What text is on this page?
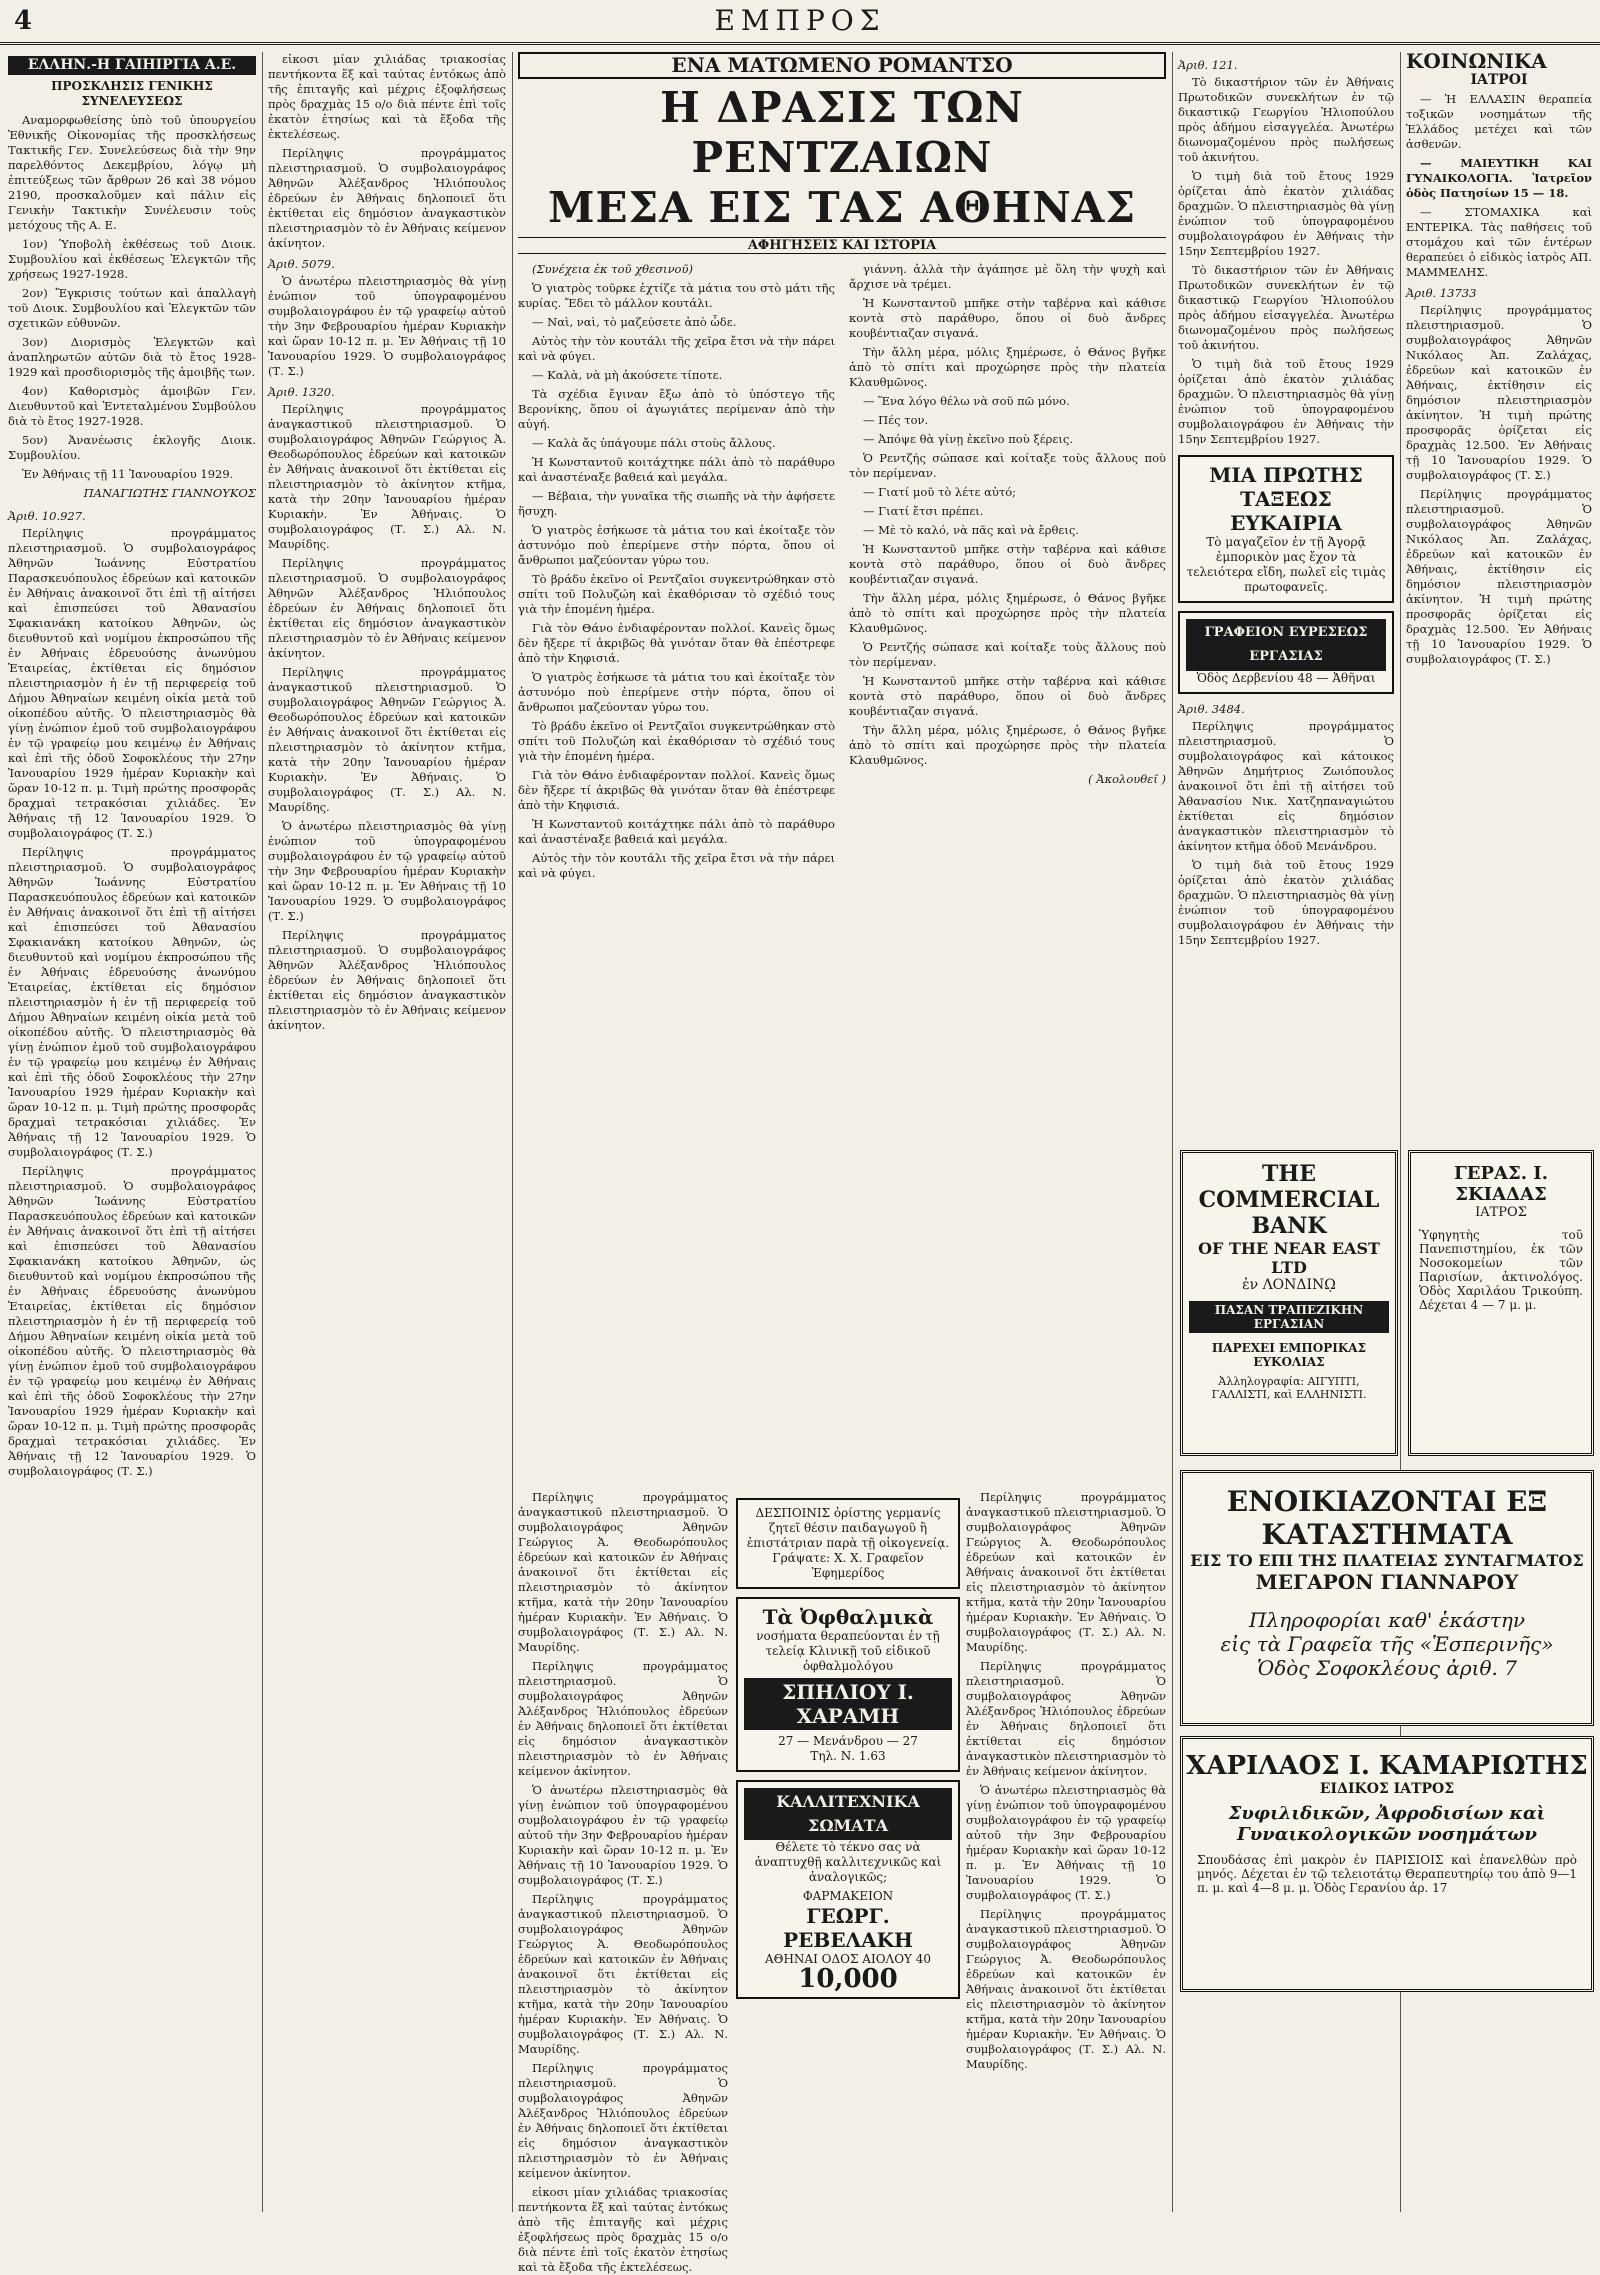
4	ΕΜΠΡΟΣ
ΕΛΛΗΝ.-Η ΓΑΙΗΙΡΓΙΑ Α.Ε.
ΠΡΟΣΚΛΗΣΙΣ ΓΕΝΙΚΗΣ ΣΥΝΕΛΕΥΣΕΩΣ

Αναμορφωθείσης ὑπὸ τοῦ ὑπουργείου Ἐθνικῆς Οἰκονομίας τῆς προσκλήσεως Τακτικῆς Γεν. Συνελεύσεως διὰ τὴν 9ην παρελθόντος Δεκεμβρίου, λόγῳ μὴ ἐπιτεύξεως τῶν ἄρθρων 26 καὶ 38 νόμου 2190, προσκαλοῦμεν καὶ πάλιν εἰς Γενικὴν Τακτικὴν Συνέλευσιν τοὺς μετόχους τῆς Α. Ε.

1ον) Ὑποβολὴ ἐκθέσεως τοῦ Διοικ. Συμβουλίου καὶ ἐκθέσεως Ἐλεγκτῶν τῆς χρήσεως 1927-1928.

2ον) Ἔγκρισις τούτων καὶ ἀπαλλαγὴ τοῦ Διοικ. Συμβουλίου καὶ Ἐλεγκτῶν τῶν σχετικῶν εὐθυνῶν.

3ον) Διορισμὸς Ἐλεγκτῶν καὶ ἀναπληρωτῶν αὐτῶν διὰ τὸ ἔτος 1928-1929 καὶ προσδιορισμὸς τῆς ἀμοιβῆς των.

4ον) Καθορισμὸς ἀμοιβῶν Γεν. Διευθυντοῦ καὶ Ἐντεταλμένου Συμβούλου διὰ τὸ ἔτος 1927-1928.

5ον) Ἀνανέωσις ἐκλογῆς Διοικ. Συμβουλίου.

Ἐν Ἀθήναις τῇ 11 Ἰανουαρίου 1929.

ΠΑΝΑΓΙΩΤΗΣ ΓΙΑΝΝΟΥΚΟΣ
Ἀριθ. 10.927.

Περίληψις προγράμματος πλειστηριασμοῦ. Ὁ συμβολαιογράφος Ἀθηνῶν Ἰωάννης Εὐστρατίου Παρασκευόπουλος ἐδρεύων καὶ κατοικῶν ἐν Ἀθήναις ἀνακοινοῖ ὅτι ἐπὶ τῇ αἰτήσει καὶ ἐπισπεύσει τοῦ Ἀθανασίου Σφακιανάκη κατοίκου Ἀθηνῶν, ὡς διευθυντοῦ καὶ νομίμου ἐκπροσώπου τῆς ἐν Ἀθήναις ἑδρευούσης ἀνωνύμου Ἑταιρείας, ἐκτίθεται εἰς δημόσιον πλειστηριασμὸν ἡ ἐν τῇ περιφερείᾳ τοῦ Δήμου Ἀθηναίων κειμένη οἰκία μετὰ τοῦ οἰκοπέδου αὐτῆς. Ὁ πλειστηριασμὸς θὰ γίνῃ ἐνώπιον ἐμοῦ τοῦ συμβολαιογράφου ἐν τῷ γραφείῳ μου κειμένῳ ἐν Ἀθήναις καὶ ἐπὶ τῆς ὁδοῦ Σοφοκλέους τὴν 27ην Ἰανουαρίου 1929 ἡμέραν Κυριακὴν καὶ ὥραν 10-12 π. μ. Τιμὴ πρώτης προσφορᾶς δραχμαὶ τετρακόσιαι χιλιάδες. Ἐν Ἀθήναις τῇ 12 Ἰανουαρίου 1929. Ὁ συμβολαιογράφος (Τ. Σ.)

Περίληψις προγράμματος πλειστηριασμοῦ. Ὁ συμβολαιογράφος Ἀθηνῶν Ἰωάννης Εὐστρατίου Παρασκευόπουλος ἐδρεύων καὶ κατοικῶν ἐν Ἀθήναις ἀνακοινοῖ ὅτι ἐπὶ τῇ αἰτήσει καὶ ἐπισπεύσει τοῦ Ἀθανασίου Σφακιανάκη κατοίκου Ἀθηνῶν, ὡς διευθυντοῦ καὶ νομίμου ἐκπροσώπου τῆς ἐν Ἀθήναις ἑδρευούσης ἀνωνύμου Ἑταιρείας, ἐκτίθεται εἰς δημόσιον πλειστηριασμὸν ἡ ἐν τῇ περιφερείᾳ τοῦ Δήμου Ἀθηναίων κειμένη οἰκία μετὰ τοῦ οἰκοπέδου αὐτῆς. Ὁ πλειστηριασμὸς θὰ γίνῃ ἐνώπιον ἐμοῦ τοῦ συμβολαιογράφου ἐν τῷ γραφείῳ μου κειμένῳ ἐν Ἀθήναις καὶ ἐπὶ τῆς ὁδοῦ Σοφοκλέους τὴν 27ην Ἰανουαρίου 1929 ἡμέραν Κυριακὴν καὶ ὥραν 10-12 π. μ. Τιμὴ πρώτης προσφορᾶς δραχμαὶ τετρακόσιαι χιλιάδες. Ἐν Ἀθήναις τῇ 12 Ἰανουαρίου 1929. Ὁ συμβολαιογράφος (Τ. Σ.)

Περίληψις προγράμματος πλειστηριασμοῦ. Ὁ συμβολαιογράφος Ἀθηνῶν Ἰωάννης Εὐστρατίου Παρασκευόπουλος ἐδρεύων καὶ κατοικῶν ἐν Ἀθήναις ἀνακοινοῖ ὅτι ἐπὶ τῇ αἰτήσει καὶ ἐπισπεύσει τοῦ Ἀθανασίου Σφακιανάκη κατοίκου Ἀθηνῶν, ὡς διευθυντοῦ καὶ νομίμου ἐκπροσώπου τῆς ἐν Ἀθήναις ἑδρευούσης ἀνωνύμου Ἑταιρείας, ἐκτίθεται εἰς δημόσιον πλειστηριασμὸν ἡ ἐν τῇ περιφερείᾳ τοῦ Δήμου Ἀθηναίων κειμένη οἰκία μετὰ τοῦ οἰκοπέδου αὐτῆς. Ὁ πλειστηριασμὸς θὰ γίνῃ ἐνώπιον ἐμοῦ τοῦ συμβολαιογράφου ἐν τῷ γραφείῳ μου κειμένῳ ἐν Ἀθήναις καὶ ἐπὶ τῆς ὁδοῦ Σοφοκλέους τὴν 27ην Ἰανουαρίου 1929 ἡμέραν Κυριακὴν καὶ ὥραν 10-12 π. μ. Τιμὴ πρώτης προσφορᾶς δραχμαὶ τετρακόσιαι χιλιάδες. Ἐν Ἀθήναις τῇ 12 Ἰανουαρίου 1929. Ὁ συμβολαιογράφος (Τ. Σ.)

εἰκοσι μίαν χιλιάδας τριακοσίας πεντήκοντα ἕξ καὶ ταύτας ἐντόκως ἀπὸ τῆς ἐπιταγῆς καὶ μέχρις ἐξοφλήσεως πρὸς δραχμὰς 15 ο/ο διὰ πέντε ἐπὶ τοῖς ἑκατὸν ἐτησίως καὶ τὰ ἔξοδα τῆς ἐκτελέσεως.

Περίληψις προγράμματος πλειστηριασμοῦ. Ὁ συμβολαιογράφος Ἀθηνῶν Ἀλέξανδρος Ἠλιόπουλος ἐδρεύων ἐν Ἀθήναις δηλοποιεῖ ὅτι ἐκτίθεται εἰς δημόσιον ἀναγκαστικὸν πλειστηριασμὸν τὸ ἐν Ἀθήναις κείμενον ἀκίνητον.

Ἀριθ. 5079.

Ὁ ἀνωτέρω πλειστηριασμὸς θὰ γίνῃ ἐνώπιον τοῦ ὑπογραφομένου συμβολαιογράφου ἐν τῷ γραφείῳ αὐτοῦ τὴν 3ην Φεβρουαρίου ἡμέραν Κυριακὴν καὶ ὥραν 10-12 π. μ. Ἐν Ἀθήναις τῇ 10 Ἰανουαρίου 1929. Ὁ συμβολαιογράφος (Τ. Σ.)

Ἀριθ. 1320.

Περίληψις προγράμματος ἀναγκαστικοῦ πλειστηριασμοῦ. Ὁ συμβολαιογράφος Ἀθηνῶν Γεώργιος Ἀ. Θεοδωρόπουλος ἐδρεύων καὶ κατοικῶν ἐν Ἀθήναις ἀνακοινοῖ ὅτι ἐκτίθεται εἰς πλειστηριασμὸν τὸ ἀκίνητον κτῆμα, κατὰ τὴν 20ην Ἰανουαρίου ἡμέραν Κυριακὴν. Ἐν Ἀθήναις. Ὁ συμβολαιογράφος (Τ. Σ.) Αλ. Ν. Μαυρίδης.

Περίληψις προγράμματος πλειστηριασμοῦ. Ὁ συμβολαιογράφος Ἀθηνῶν Ἀλέξανδρος Ἠλιόπουλος ἐδρεύων ἐν Ἀθήναις δηλοποιεῖ ὅτι ἐκτίθεται εἰς δημόσιον ἀναγκαστικὸν πλειστηριασμὸν τὸ ἐν Ἀθήναις κείμενον ἀκίνητον.

Περίληψις προγράμματος ἀναγκαστικοῦ πλειστηριασμοῦ. Ὁ συμβολαιογράφος Ἀθηνῶν Γεώργιος Ἀ. Θεοδωρόπουλος ἐδρεύων καὶ κατοικῶν ἐν Ἀθήναις ἀνακοινοῖ ὅτι ἐκτίθεται εἰς πλειστηριασμὸν τὸ ἀκίνητον κτῆμα, κατὰ τὴν 20ην Ἰανουαρίου ἡμέραν Κυριακὴν. Ἐν Ἀθήναις. Ὁ συμβολαιογράφος (Τ. Σ.) Αλ. Ν. Μαυρίδης.

Ὁ ἀνωτέρω πλειστηριασμὸς θὰ γίνῃ ἐνώπιον τοῦ ὑπογραφομένου συμβολαιογράφου ἐν τῷ γραφείῳ αὐτοῦ τὴν 3ην Φεβρουαρίου ἡμέραν Κυριακὴν καὶ ὥραν 10-12 π. μ. Ἐν Ἀθήναις τῇ 10 Ἰανουαρίου 1929. Ὁ συμβολαιογράφος (Τ. Σ.)

Περίληψις προγράμματος πλειστηριασμοῦ. Ὁ συμβολαιογράφος Ἀθηνῶν Ἀλέξανδρος Ἠλιόπουλος ἐδρεύων ἐν Ἀθήναις δηλοποιεῖ ὅτι ἐκτίθεται εἰς δημόσιον ἀναγκαστικὸν πλειστηριασμὸν τὸ ἐν Ἀθήναις κείμενον ἀκίνητον.

ΕΝΑ ΜΑΤΩΜΕΝΟ ΡΟΜΑΝΤΣΟ
Η ΔΡΑΣΙΣ ΤΩΝ ΡΕΝΤΖΑΙΩΝ
ΜΕΣΑ ΕΙΣ ΤΑΣ ΑΘΗΝΑΣ
ΑΦΗΓΗΣΕΙΣ ΚΑΙ ΙΣΤΟΡΙΑ

(Συνέχεια ἐκ τοῦ χθεσινοῦ)

Ὁ γιατρὸς τοῦρκε ἐχτίζε τὰ μάτια του στὸ μάτι τῆς κυρίας. Ἔδει τὸ μάλλον κουτάλι.

— Ναὶ, ναὶ, τὸ μαζεύσετε ἀπὸ ὧδε.

Αὐτὸς τὴν τὸν κουτάλι τῆς χεῖρα ἔτσι νὰ τὴν πάρει καὶ νὰ φύγει.

— Καλὰ, νὰ μὴ ἀκούσετε τίποτε.

Τὰ σχέδια ἔγιναν ἔξω ἀπὸ τὸ ὑπόστεγο τῆς Βερονίκης, ὅπου οἱ ἀγωγιάτες περίμεναν ἀπὸ τὴν αὐγή.

— Καλὰ ἄς ὑπάγουμε πάλι στοὺς ἄλλους.

Ἡ Κωνσταντοῦ κοιτάχτηκε πάλι ἀπὸ τὸ παράθυρο καὶ ἀναστέναξε βαθειά καὶ μεγάλα.

— Βέβαια, τὴν γυναῖκα τῆς σιωπῆς νὰ τὴν ἀφήσετε ἥσυχη.

Ὁ γιατρὸς ἐσήκωσε τὰ μάτια του καὶ ἐκοίταξε τὸν ἀστυνόμο ποὺ ἐπερίμενε στὴν πόρτα, ὅπου οἱ ἄνθρωποι μαζεύονταν γύρω του.

Τὸ βράδυ ἐκεῖνο οἱ Ρεντζαῖοι συγκεντρώθηκαν στὸ σπίτι τοῦ Πολυζώη καὶ ἐκαθόρισαν τὸ σχέδιό τους γιὰ τὴν ἐπομένη ἡμέρα.

Γιὰ τὸν Θάνο ἐνδιαφέρονταν πολλοί. Κανεὶς ὅμως δὲν ἤξερε τί ἀκριβῶς θὰ γινόταν ὅταν θὰ ἐπέστρεφε ἀπὸ τὴν Κηφισιά.

Ὁ γιατρὸς ἐσήκωσε τὰ μάτια του καὶ ἐκοίταξε τὸν ἀστυνόμο ποὺ ἐπερίμενε στὴν πόρτα, ὅπου οἱ ἄνθρωποι μαζεύονταν γύρω του.

Τὸ βράδυ ἐκεῖνο οἱ Ρεντζαῖοι συγκεντρώθηκαν στὸ σπίτι τοῦ Πολυζώη καὶ ἐκαθόρισαν τὸ σχέδιό τους γιὰ τὴν ἐπομένη ἡμέρα.

Γιὰ τὸν Θάνο ἐνδιαφέρονταν πολλοί. Κανεὶς ὅμως δὲν ἤξερε τί ἀκριβῶς θὰ γινόταν ὅταν θὰ ἐπέστρεφε ἀπὸ τὴν Κηφισιά.

Ἡ Κωνσταντοῦ κοιτάχτηκε πάλι ἀπὸ τὸ παράθυρο καὶ ἀναστέναξε βαθειά καὶ μεγάλα.

Αὐτὸς τὴν τὸν κουτάλι τῆς χεῖρα ἔτσι νὰ τὴν πάρει καὶ νὰ φύγει.

γιάννη. ἀλλὰ τὴν ἀγάπησε μὲ ὅλη τὴν ψυχὴ καὶ ἄρχισε νὰ τρέμει.

Ἡ Κωνσταντοῦ μπῆκε στὴν ταβέρνα καὶ κάθισε κοντὰ στὸ παράθυρο, ὅπου οἱ δυὸ ἄνδρες κουβέντιαζαν σιγανά.

Τὴν ἄλλη μέρα, μόλις ξημέρωσε, ὁ Θάνος βγῆκε ἀπὸ τὸ σπίτι καὶ προχώρησε πρὸς τὴν πλατεία Κλαυθμῶνος.

— Ἕνα λόγο θέλω νὰ σοῦ πῶ μόνο.

— Πές τον.

— Ἀπόψε θὰ γίνῃ ἐκεῖνο ποὺ ξέρεις.

Ὁ Ρεντζής σώπασε καὶ κοίταξε τοὺς ἄλλους ποὺ τὸν περίμεναν.

— Γιατί μοῦ τὸ λέτε αὐτό;

— Γιατί ἔτσι πρέπει.

— Μὲ τὸ καλό, νὰ πᾶς καὶ νὰ ἔρθεις.

Ἡ Κωνσταντοῦ μπῆκε στὴν ταβέρνα καὶ κάθισε κοντὰ στὸ παράθυρο, ὅπου οἱ δυὸ ἄνδρες κουβέντιαζαν σιγανά.

Τὴν ἄλλη μέρα, μόλις ξημέρωσε, ὁ Θάνος βγῆκε ἀπὸ τὸ σπίτι καὶ προχώρησε πρὸς τὴν πλατεία Κλαυθμῶνος.

Ὁ Ρεντζής σώπασε καὶ κοίταξε τοὺς ἄλλους ποὺ τὸν περίμεναν.

Ἡ Κωνσταντοῦ μπῆκε στὴν ταβέρνα καὶ κάθισε κοντὰ στὸ παράθυρο, ὅπου οἱ δυὸ ἄνδρες κουβέντιαζαν σιγανά.

Τὴν ἄλλη μέρα, μόλις ξημέρωσε, ὁ Θάνος βγῆκε ἀπὸ τὸ σπίτι καὶ προχώρησε πρὸς τὴν πλατεία Κλαυθμῶνος.

( Ἀκολουθεῖ )

Περίληψις προγράμματος ἀναγκαστικοῦ πλειστηριασμοῦ. Ὁ συμβολαιογράφος Ἀθηνῶν Γεώργιος Ἀ. Θεοδωρόπουλος ἐδρεύων καὶ κατοικῶν ἐν Ἀθήναις ἀνακοινοῖ ὅτι ἐκτίθεται εἰς πλειστηριασμὸν τὸ ἀκίνητον κτῆμα, κατὰ τὴν 20ην Ἰανουαρίου ἡμέραν Κυριακὴν. Ἐν Ἀθήναις. Ὁ συμβολαιογράφος (Τ. Σ.) Αλ. Ν. Μαυρίδης.

Περίληψις προγράμματος πλειστηριασμοῦ. Ὁ συμβολαιογράφος Ἀθηνῶν Ἀλέξανδρος Ἠλιόπουλος ἐδρεύων ἐν Ἀθήναις δηλοποιεῖ ὅτι ἐκτίθεται εἰς δημόσιον ἀναγκαστικὸν πλειστηριασμὸν τὸ ἐν Ἀθήναις κείμενον ἀκίνητον.

Ὁ ἀνωτέρω πλειστηριασμὸς θὰ γίνῃ ἐνώπιον τοῦ ὑπογραφομένου συμβολαιογράφου ἐν τῷ γραφείῳ αὐτοῦ τὴν 3ην Φεβρουαρίου ἡμέραν Κυριακὴν καὶ ὥραν 10-12 π. μ. Ἐν Ἀθήναις τῇ 10 Ἰανουαρίου 1929. Ὁ συμβολαιογράφος (Τ. Σ.)

Περίληψις προγράμματος ἀναγκαστικοῦ πλειστηριασμοῦ. Ὁ συμβολαιογράφος Ἀθηνῶν Γεώργιος Ἀ. Θεοδωρόπουλος ἐδρεύων καὶ κατοικῶν ἐν Ἀθήναις ἀνακοινοῖ ὅτι ἐκτίθεται εἰς πλειστηριασμὸν τὸ ἀκίνητον κτῆμα, κατὰ τὴν 20ην Ἰανουαρίου ἡμέραν Κυριακὴν. Ἐν Ἀθήναις. Ὁ συμβολαιογράφος (Τ. Σ.) Αλ. Ν. Μαυρίδης.

Περίληψις προγράμματος πλειστηριασμοῦ. Ὁ συμβολαιογράφος Ἀθηνῶν Ἀλέξανδρος Ἠλιόπουλος ἐδρεύων ἐν Ἀθήναις δηλοποιεῖ ὅτι ἐκτίθεται εἰς δημόσιον ἀναγκαστικὸν πλειστηριασμὸν τὸ ἐν Ἀθήναις κείμενον ἀκίνητον.

εἰκοσι μίαν χιλιάδας τριακοσίας πεντήκοντα ἕξ καὶ ταύτας ἐντόκως ἀπὸ τῆς ἐπιταγῆς καὶ μέχρις ἐξοφλήσεως πρὸς δραχμὰς 15 ο/ο διὰ πέντε ἐπὶ τοῖς ἑκατὸν ἐτησίως καὶ τὰ ἔξοδα τῆς ἐκτελέσεως.

ΔΕΣΠΟΙΝΙΣ ὀρίστης γερμανίς ζητεῖ θέσιν παιδαγωγοῦ ἢ ἐπιστάτριαν παρὰ τῇ οἰκογενείᾳ. Γράψατε: Χ. Χ. Γραφεῖον Ἐφημερίδος
Τὰ Ὀφθαλμικὰ
νοσήματα θεραπεύονται ἐν τῇ τελείᾳ Κλινικῇ τοῦ εἰδικοῦ ὀφθαλμολόγου
ΣΠΗΛΙΟΥ Ι. ΧΑΡΑΜΗ
27 — Μενάνδρου — 27
Τηλ. Ν. 1.63
ΚΑΛΛΙΤΕΧΝΙΚΑ ΣΩΜΑΤΑ
Θέλετε τὸ τέκνο σας νὰ ἀναπτυχθῇ καλλιτεχνικῶς καὶ ἀναλογικῶς;
ΦΑΡΜΑΚΕΙΟΝ
ΓΕΩΡΓ. ΡΕΒΕΛΑΚΗ
ΑΘΗΝΑΙ ΟΔΟΣ ΑΙΟΛΟΥ 40
10,000

Περίληψις προγράμματος ἀναγκαστικοῦ πλειστηριασμοῦ. Ὁ συμβολαιογράφος Ἀθηνῶν Γεώργιος Ἀ. Θεοδωρόπουλος ἐδρεύων καὶ κατοικῶν ἐν Ἀθήναις ἀνακοινοῖ ὅτι ἐκτίθεται εἰς πλειστηριασμὸν τὸ ἀκίνητον κτῆμα, κατὰ τὴν 20ην Ἰανουαρίου ἡμέραν Κυριακὴν. Ἐν Ἀθήναις. Ὁ συμβολαιογράφος (Τ. Σ.) Αλ. Ν. Μαυρίδης.

Περίληψις προγράμματος πλειστηριασμοῦ. Ὁ συμβολαιογράφος Ἀθηνῶν Ἀλέξανδρος Ἠλιόπουλος ἐδρεύων ἐν Ἀθήναις δηλοποιεῖ ὅτι ἐκτίθεται εἰς δημόσιον ἀναγκαστικὸν πλειστηριασμὸν τὸ ἐν Ἀθήναις κείμενον ἀκίνητον.

Ὁ ἀνωτέρω πλειστηριασμὸς θὰ γίνῃ ἐνώπιον τοῦ ὑπογραφομένου συμβολαιογράφου ἐν τῷ γραφείῳ αὐτοῦ τὴν 3ην Φεβρουαρίου ἡμέραν Κυριακὴν καὶ ὥραν 10-12 π. μ. Ἐν Ἀθήναις τῇ 10 Ἰανουαρίου 1929. Ὁ συμβολαιογράφος (Τ. Σ.)

Περίληψις προγράμματος ἀναγκαστικοῦ πλειστηριασμοῦ. Ὁ συμβολαιογράφος Ἀθηνῶν Γεώργιος Ἀ. Θεοδωρόπουλος ἐδρεύων καὶ κατοικῶν ἐν Ἀθήναις ἀνακοινοῖ ὅτι ἐκτίθεται εἰς πλειστηριασμὸν τὸ ἀκίνητον κτῆμα, κατὰ τὴν 20ην Ἰανουαρίου ἡμέραν Κυριακὴν. Ἐν Ἀθήναις. Ὁ συμβολαιογράφος (Τ. Σ.) Αλ. Ν. Μαυρίδης.

Ἀριθ. 121.

Τὸ δικαστήριον τῶν ἐν Ἀθήναις Πρωτοδικῶν συνεκλήτων ἐν τῷ δικαστικῷ Γεωργίου Ἠλιοπούλου πρὸς ἀδήμου εἰσαγγελέα. Ἀνωτέρω διωνομαζομένου πρὸς πωλήσεως τοῦ ἀκινήτου.

Ὁ τιμὴ διὰ τοῦ ἔτους 1929 ὁρίζεται ἀπὸ ἑκατὸν χιλιάδας δραχμῶν. Ὁ πλειστηριασμὸς θὰ γίνῃ ἐνώπιον τοῦ ὑπογραφομένου συμβολαιογράφου ἐν Ἀθήναις τὴν 15ην Σεπτεμβρίου 1927.

Τὸ δικαστήριον τῶν ἐν Ἀθήναις Πρωτοδικῶν συνεκλήτων ἐν τῷ δικαστικῷ Γεωργίου Ἠλιοπούλου πρὸς ἀδήμου εἰσαγγελέα. Ἀνωτέρω διωνομαζομένου πρὸς πωλήσεως τοῦ ἀκινήτου.

Ὁ τιμὴ διὰ τοῦ ἔτους 1929 ὁρίζεται ἀπὸ ἑκατὸν χιλιάδας δραχμῶν. Ὁ πλειστηριασμὸς θὰ γίνῃ ἐνώπιον τοῦ ὑπογραφομένου συμβολαιογράφου ἐν Ἀθήναις τὴν 15ην Σεπτεμβρίου 1927.

ΜΙΑ ΠΡΩΤΗΣ ΤΑΞΕΩΣ ΕΥΚΑΙΡΙΑ
Τὸ μαγαζεῖον ἐν τῇ Ἀγορᾷ ἐμπορικὸν μας ἔχον τὰ τελειότερα εἴδη, πωλεῖ εἰς τιμὰς πρωτοφανεῖς.
ΓΡΑΦΕΙΟΝ ΕΥΡΕΣΕΩΣ ΕΡΓΑΣΙΑΣ
Ὁδὸς Δερβενίου 48 — Ἀθῆναι
Ἀριθ. 3484.

Περίληψις προγράμματος πλειστηριασμοῦ. Ὁ συμβολαιογράφος καὶ κάτοικος Ἀθηνῶν Δημήτριος Ζωιόπουλος ἀνακοινοῖ ὅτι ἐπὶ τῇ αἰτήσει τοῦ Ἀθανασίου Νικ. Χατζηπαναγιώτου ἐκτίθεται εἰς δημόσιον ἀναγκαστικὸν πλειστηριασμὸν τὸ ἀκίνητον κτῆμα ὁδοῦ Μενάνδρου.

Ὁ τιμὴ διὰ τοῦ ἔτους 1929 ὁρίζεται ἀπὸ ἑκατὸν χιλιάδας δραχμῶν. Ὁ πλειστηριασμὸς θὰ γίνῃ ἐνώπιον τοῦ ὑπογραφομένου συμβολαιογράφου ἐν Ἀθήναις τὴν 15ην Σεπτεμβρίου 1927.

THE COMMERCIAL BANK
OF THE NEAR EAST LTD
ἐν ΛΟΝΔΙΝῼ
ΠΑΣΑΝ ΤΡΑΠΕΖΙΚΗΝ ΕΡΓΑΣΙΑΝ
ΠΑΡΕΧΕΙ ΕΜΠΟΡΙΚΑΣ ΕΥΚΟΛΙΑΣ
Ἀλληλογραφία: ΑΙΓΥΠΤΙ, ΓΑΛΛΙΣΤΙ, καὶ ΕΛΛΗΝΙΣΤΙ.
ΚΟΙΝΩΝΙΚΑ
ΙΑΤΡΟΙ

— Ἡ ΕΛΛΑΣΙΝ θεραπεία τοξικῶν νοσημάτων τῆς Ἑλλάδος μετέχει καὶ τῶν ἀσθενῶν.

— ΜΑΙΕΥΤΙΚΗ ΚΑΙ ΓΥΝΑΙΚΟΛΟΓΙΑ. Ἰατρεῖον ὁδὸς Πατησίων 15 — 18.

— ΣΤΟΜΑΧΙΚΑ καὶ ΕΝΤΕΡΙΚΑ. Τὰς παθήσεις τοῦ στομάχου καὶ τῶν ἐντέρων θεραπεύει ὁ εἰδικὸς ἰατρὸς ΑΠ. ΜΑΜΜΕΛΗΣ.

Ἀριθ. 13733

Περίληψις προγράμματος πλειστηριασμοῦ. Ὁ συμβολαιογράφος Ἀθηνῶν Νικόλαος Ἀπ. Ζαλάχας, ἐδρεύων καὶ κατοικῶν ἐν Ἀθήναις, ἐκτίθησιν εἰς δημόσιον πλειστηριασμὸν ἀκίνητον. Ἡ τιμὴ πρώτης προσφορᾶς ὁρίζεται εἰς δραχμὰς 12.500. Ἐν Ἀθήναις τῇ 10 Ἰανουαρίου 1929. Ὁ συμβολαιογράφος (Τ. Σ.)

Περίληψις προγράμματος πλειστηριασμοῦ. Ὁ συμβολαιογράφος Ἀθηνῶν Νικόλαος Ἀπ. Ζαλάχας, ἐδρεύων καὶ κατοικῶν ἐν Ἀθήναις, ἐκτίθησιν εἰς δημόσιον πλειστηριασμὸν ἀκίνητον. Ἡ τιμὴ πρώτης προσφορᾶς ὁρίζεται εἰς δραχμὰς 12.500. Ἐν Ἀθήναις τῇ 10 Ἰανουαρίου 1929. Ὁ συμβολαιογράφος (Τ. Σ.)

ΓΕΡΑΣ. Ι. ΣΚΙΑΔΑΣ
ΙΑΤΡΟΣ
Ὑφηγητὴς τοῦ Πανεπιστημίου, ἐκ τῶν Νοσοκομείων τῶν Παρισίων, ἀκτινολόγος. Ὁδὸς Χαριλάου Τρικούπη. Δέχεται 4 — 7 μ. μ.
ΕΝΟΙΚΙΑΖΟΝΤΑΙ ΕΞ ΚΑΤΑΣΤΗΜΑΤΑ
ΕΙΣ ΤΟ ΕΠΙ ΤΗΣ ΠΛΑΤΕΙΑΣ ΣΥΝΤΑΓΜΑΤΟΣ
ΜΕΓΑΡΟΝ ΓΙΑΝΝΑΡΟΥ
Πληροφορίαι καθ' ἑκάστην
εἰς τὰ Γραφεῖα τῆς «Ἑσπερινῆς»
Ὁδὸς Σοφοκλέους ἀριθ. 7
ΧΑΡΙΛΑΟΣ Ι. ΚΑΜΑΡΙΩΤΗΣ
ΕΙΔΙΚΟΣ ΙΑΤΡΟΣ
Συφιλιδικῶν, Ἀφροδισίων καὶ Γυναικολογικῶν νοσημάτων
Σπουδάσας ἐπὶ μακρὸν ἐν ΠΑΡΙΣΙΟΙΣ καὶ ἐπανελθὼν πρὸ μηνός. Δέχεται ἐν τῷ τελειοτάτῳ Θεραπευτηρίῳ του ἀπὸ 9—1 π. μ. καὶ 4—8 μ. μ. Ὁδὸς Γερανίου ἀρ. 17
